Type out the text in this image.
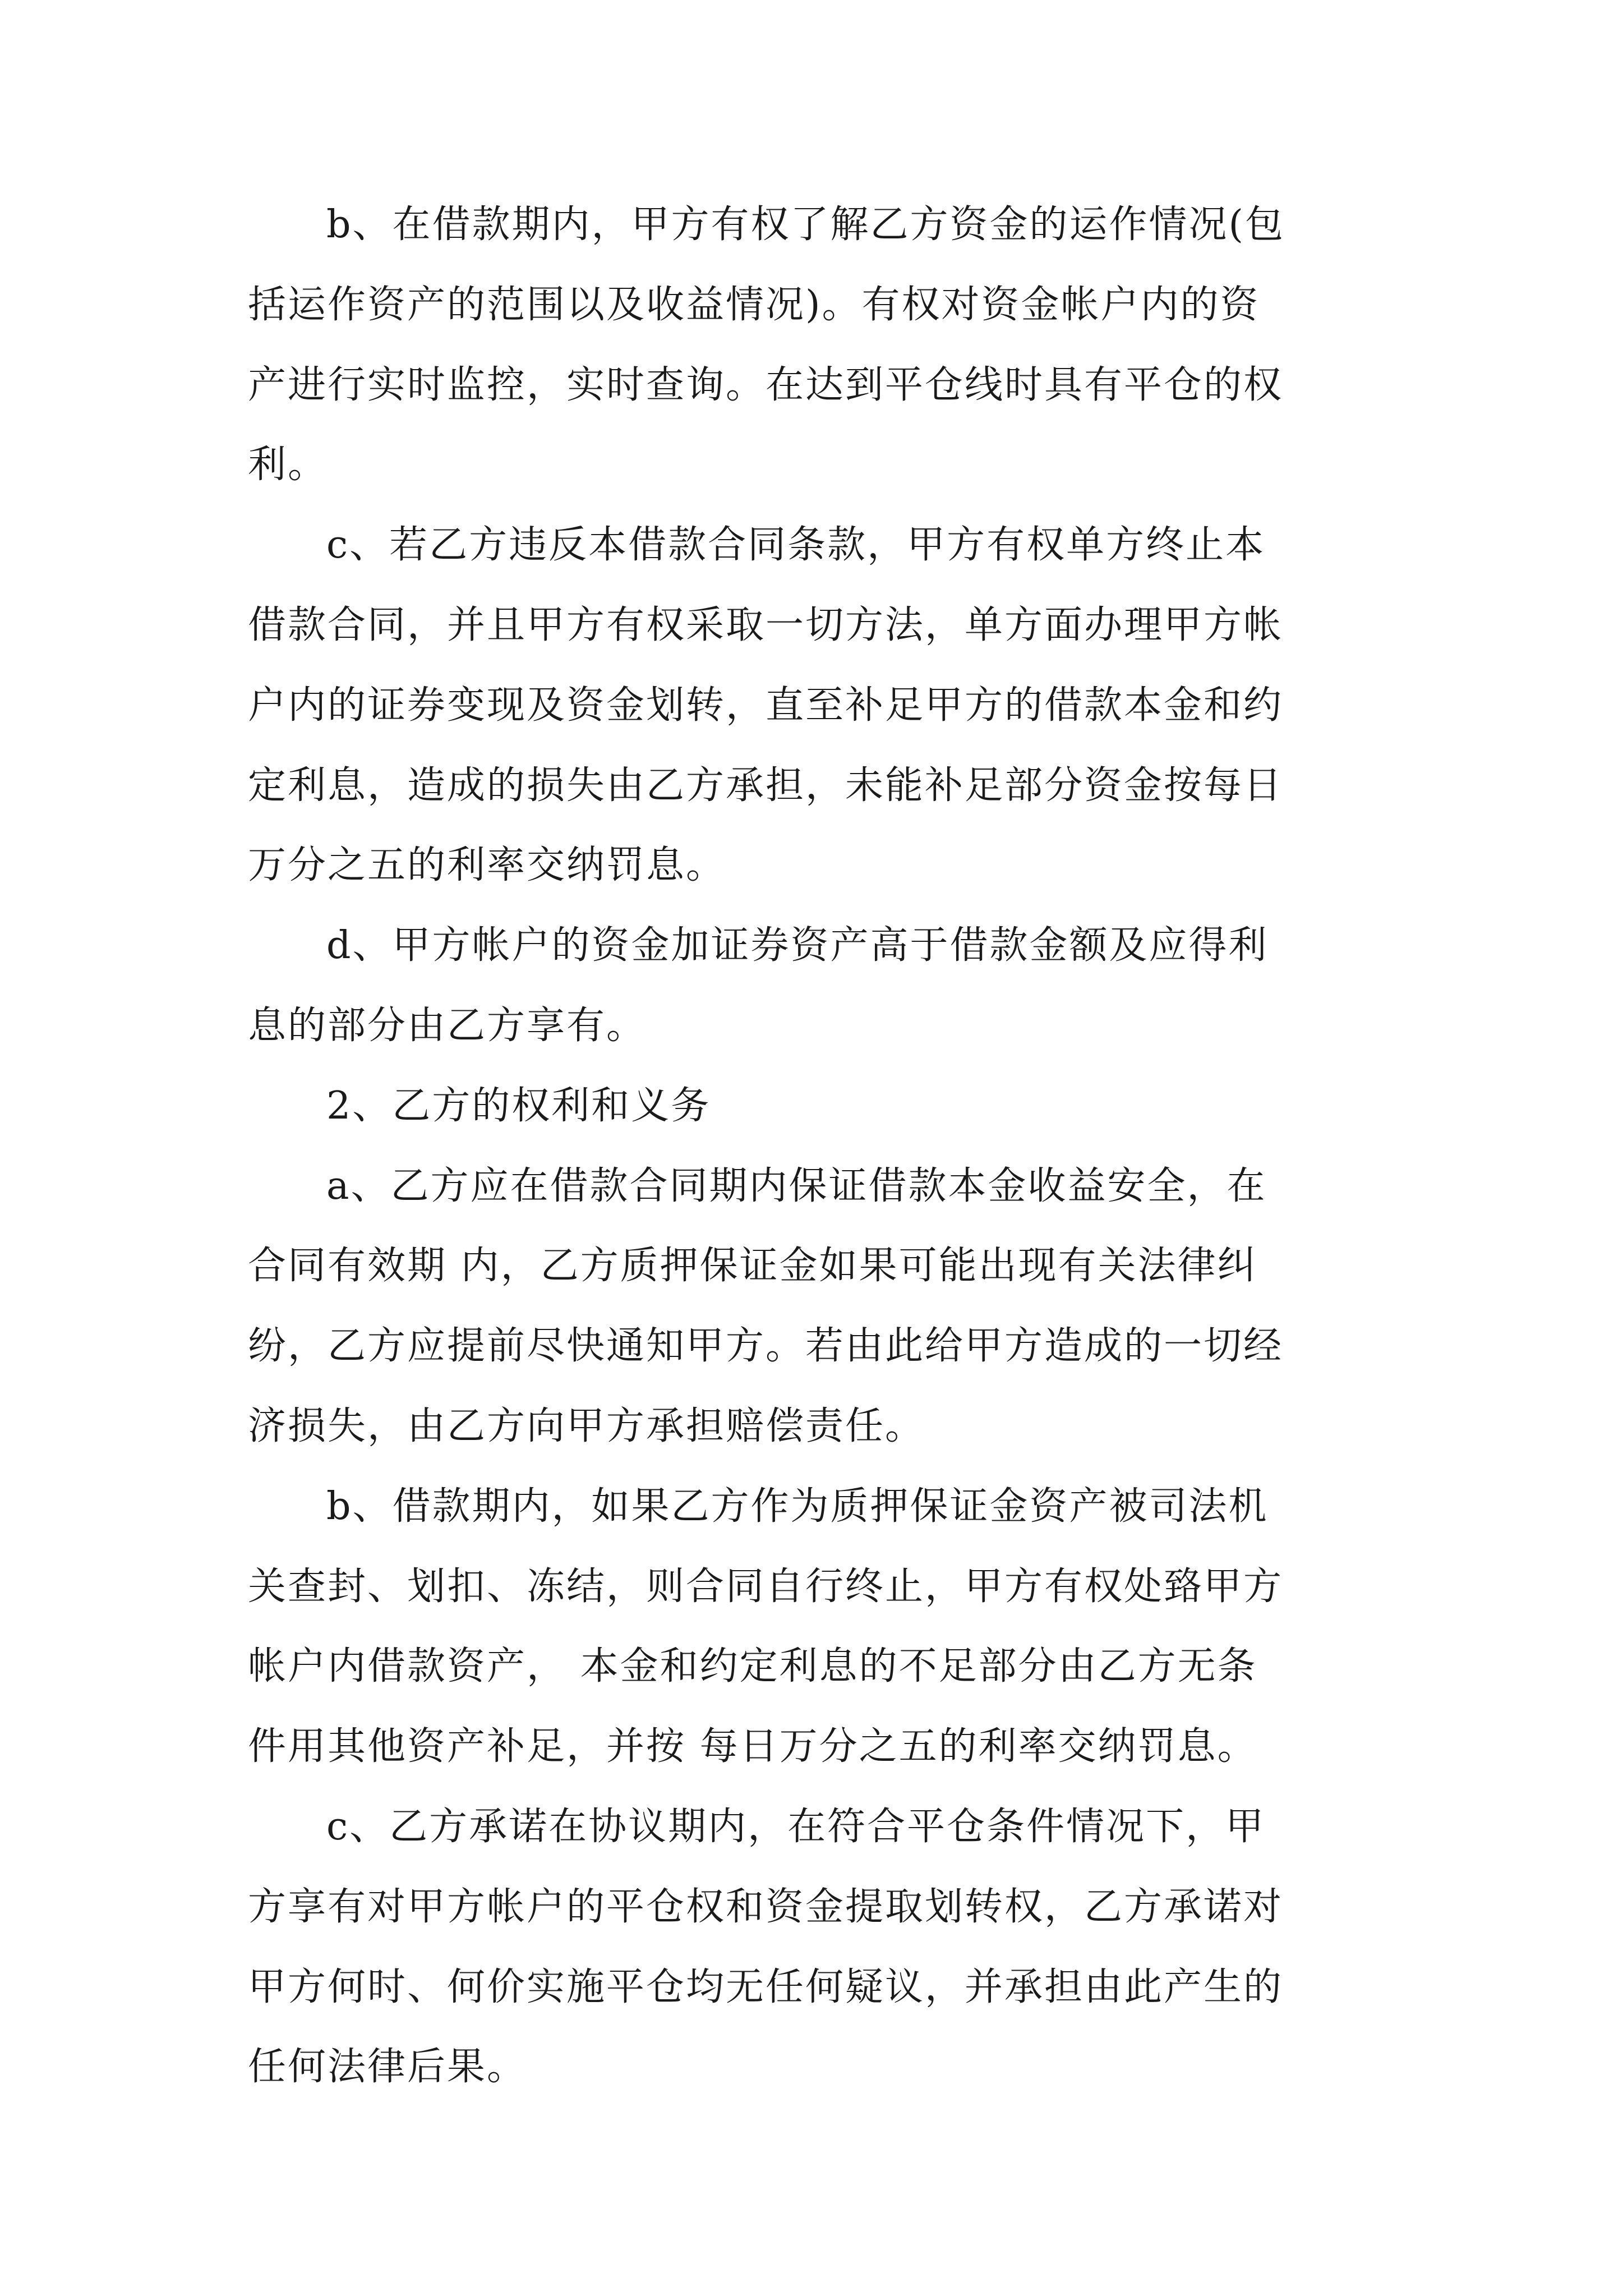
b、在借款期内，甲方有权了解乙方资金的运作情况(包
括运作资产的范围以及收益情况)。有权对资金帐户内的资
产进行实时监控，实时查询。在达到平仓线时具有平仓的权
利。
c、若乙方违反本借款合同条款，甲方有权单方终止本
借款合同，并且甲方有权采取一切方法，单方面办理甲方帐
户内的证券变现及资金划转，直至补足甲方的借款本金和约
定利息，造成的损失由乙方承担，未能补足部分资金按每日
万分之五的利率交纳罚息。
d、甲方帐户的资金加证券资产高于借款金额及应得利
息的部分由乙方享有。
2、乙方的权利和义务
a、乙方应在借款合同期内保证借款本金收益安全，在
合同有效期 内，乙方质押保证金如果可能出现有关法律纠
纷，乙方应提前尽快通知甲方。若由此给甲方造成的一切经
济损失，由乙方向甲方承担赔偿责任。
b、借款期内，如果乙方作为质押保证金资产被司法机
关查封、划扣、冻结，则合同自行终止，甲方有权处臵甲方
帐户内借款资产， 本金和约定利息的不足部分由乙方无条
件用其他资产补足，并按 每日万分之五的利率交纳罚息。
c、乙方承诺在协议期内，在符合平仓条件情况下，甲
方享有对甲方帐户的平仓权和资金提取划转权，乙方承诺对
甲方何时、何价实施平仓均无任何疑议，并承担由此产生的
任何法律后果。
